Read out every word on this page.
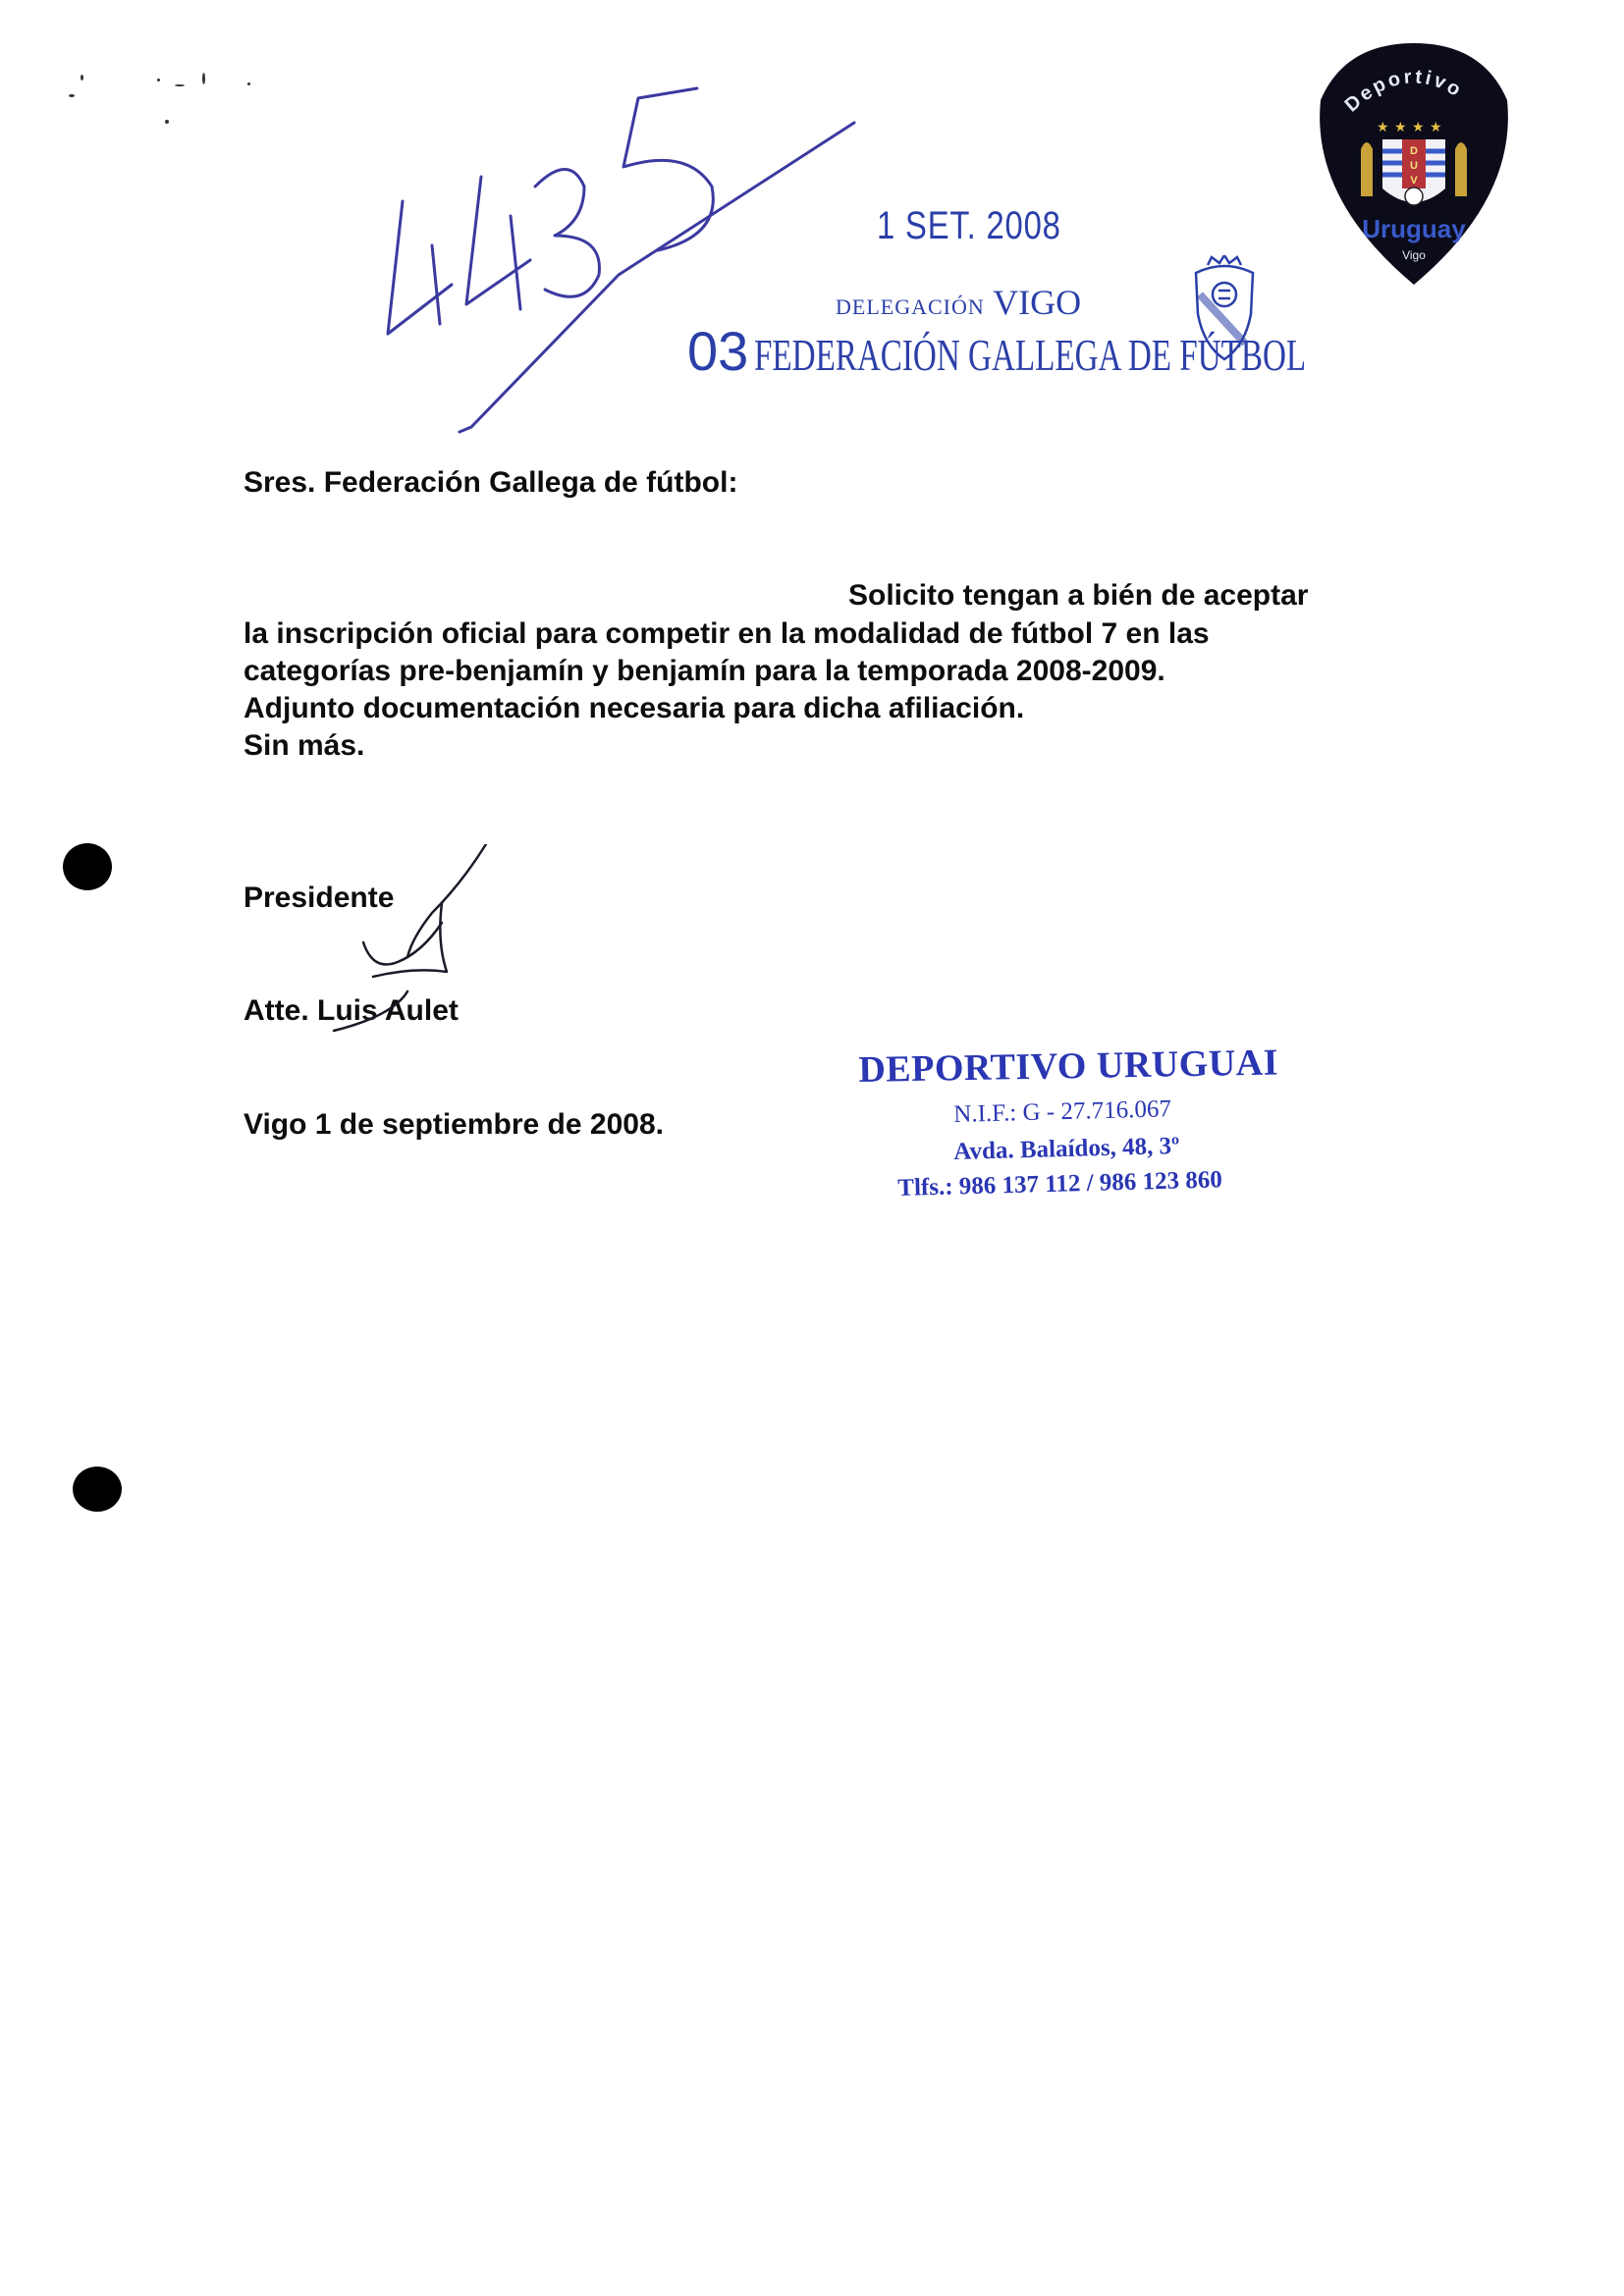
1 SET. 2008
DELEGACIÓN VIGO
03 FEDERACIÓN GALLEGA DE FÚTBOL
Deportivo
★ ★ ★ ★
D
U
V
Uruguay
Vigo
Sres. Federación Gallega de fútbol:
Solicito tengan a bién de aceptar
la inscripción oficial para competir en la modalidad de fútbol 7 en las
categorías pre-benjamín y benjamín para la temporada 2008-2009.
Adjunto documentación necesaria para dicha afiliación.
Sin más.
Presidente
Atte. Luis Aulet
Vigo 1 de septiembre de 2008.
DEPORTIVO URUGUAI
N.I.F.: G - 27.716.067
Avda. Balaídos, 48, 3º
Tlfs.: 986 137 112 / 986 123 860
